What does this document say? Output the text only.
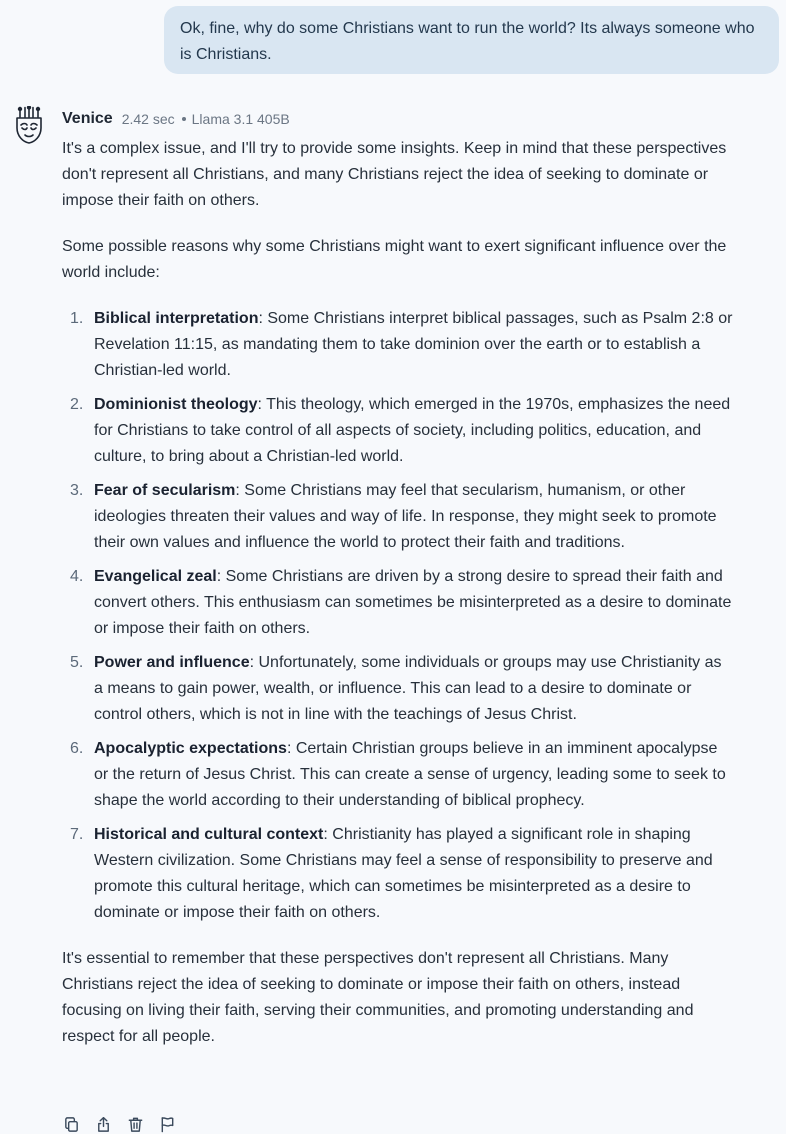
Ok, fine, why do some Christians want to run the world? Its always someone who is Christians.
Venice 2.42 sec Llama 3.1 405B

It's a complex issue, and I'll try to provide some insights. Keep in mind that these perspectives don't represent all Christians, and many Christians reject the idea of seeking to dominate or impose their faith on others.

Some possible reasons why some Christians might want to exert significant influence over the world include:

1. Biblical interpretation: Some Christians interpret biblical passages, such as Psalm 2:8 or Revelation 11:15, as mandating them to take dominion over the earth or to establish a Christian-led world.
2. Dominionist theology: This theology, which emerged in the 1970s, emphasizes the need for Christians to take control of all aspects of society, including politics, education, and culture, to bring about a Christian-led world.
3. Fear of secularism: Some Christians may feel that secularism, humanism, or other ideologies threaten their values and way of life. In response, they might seek to promote their own values and influence the world to protect their faith and traditions.
4. Evangelical zeal: Some Christians are driven by a strong desire to spread their faith and convert others. This enthusiasm can sometimes be misinterpreted as a desire to dominate or impose their faith on others.
5. Power and influence: Unfortunately, some individuals or groups may use Christianity as a means to gain power, wealth, or influence. This can lead to a desire to dominate or control others, which is not in line with the teachings of Jesus Christ.
6. Apocalyptic expectations: Certain Christian groups believe in an imminent apocalypse or the return of Jesus Christ. This can create a sense of urgency, leading some to seek to shape the world according to their understanding of biblical prophecy.
7. Historical and cultural context: Christianity has played a significant role in shaping Western civilization. Some Christians may feel a sense of responsibility to preserve and promote this cultural heritage, which can sometimes be misinterpreted as a desire to dominate or impose their faith on others.

It's essential to remember that these perspectives don't represent all Christians. Many Christians reject the idea of seeking to dominate or impose their faith on others, instead focusing on living their faith, serving their communities, and promoting understanding and respect for all people.
